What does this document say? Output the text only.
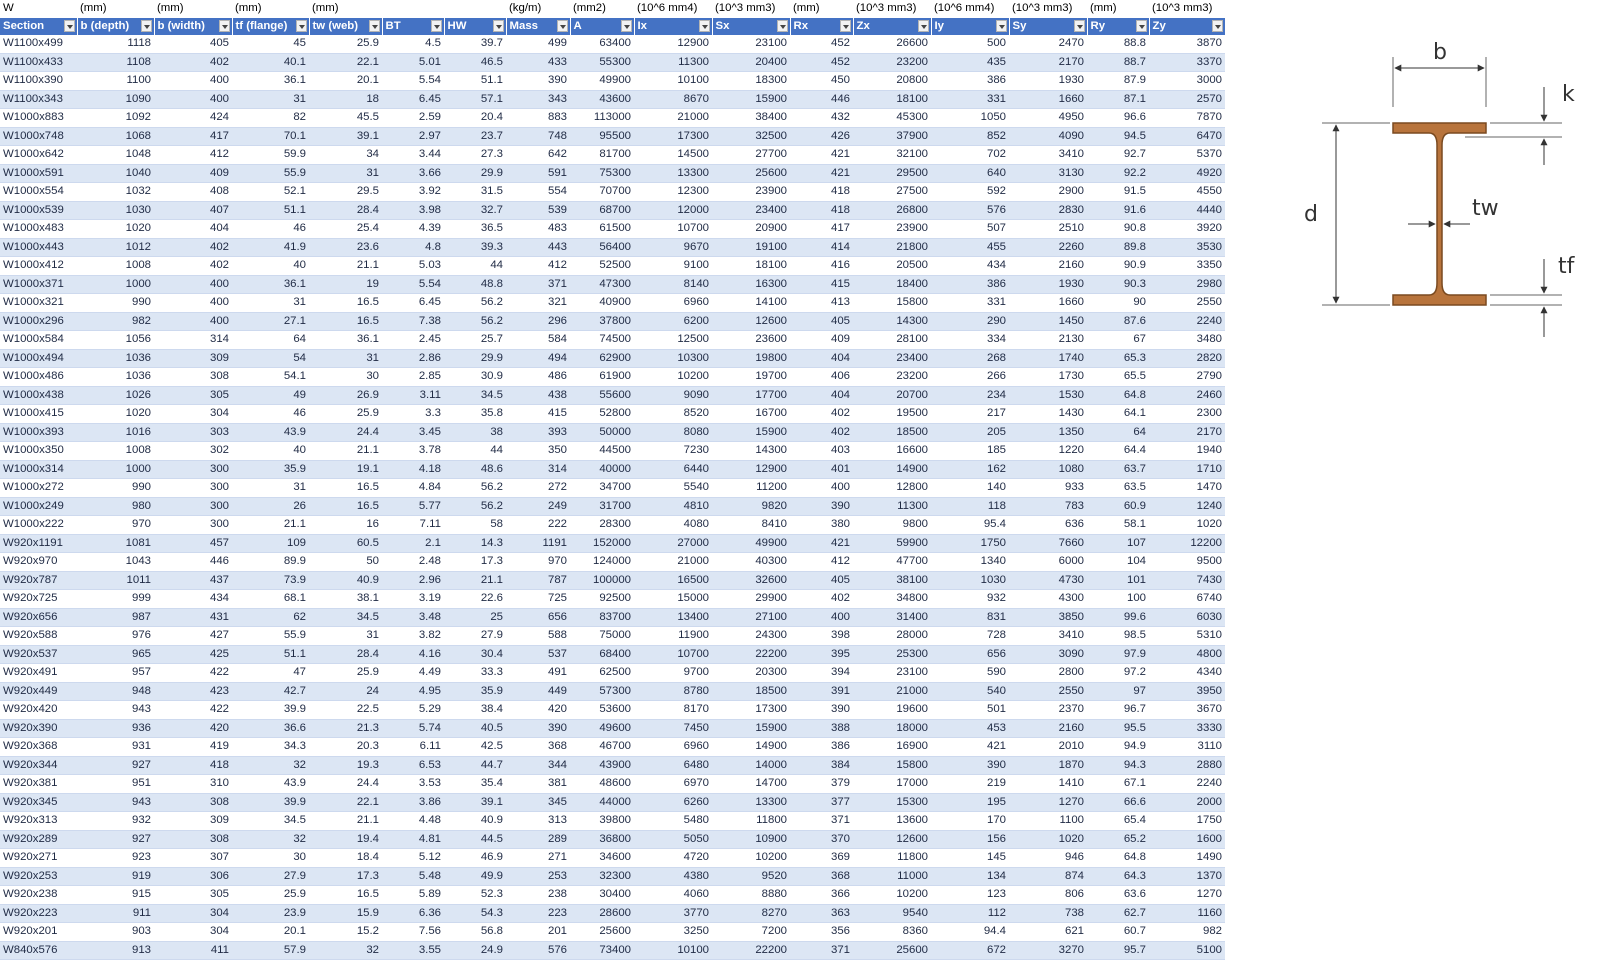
W	(mm)	(mm)	(mm)	(mm)			(kg/m)	(mm2)	(10^6 mm4)	(10^3 mm3)	(mm)	(10^3 mm3)	(10^6 mm4)	(10^3 mm3)	(mm)	(10^3 mm3)
Section	b (depth)	b (width)	tf (flange)	tw (web)	BT	HW	Mass	A	Ix	Sx	Rx	Zx	Iy	Sy	Ry	Zy

W1100x499	1118	405	45	25.9	4.5	39.7	499	63400	12900	23100	452	26600	500	2470	88.8	3870
W1100x433	1108	402	40.1	22.1	5.01	46.5	433	55300	11300	20400	452	23200	435	2170	88.7	3370
W1100x390	1100	400	36.1	20.1	5.54	51.1	390	49900	10100	18300	450	20800	386	1930	87.9	3000
W1100x343	1090	400	31	18	6.45	57.1	343	43600	8670	15900	446	18100	331	1660	87.1	2570
W1000x883	1092	424	82	45.5	2.59	20.4	883	113000	21000	38400	432	45300	1050	4950	96.6	7870
W1000x748	1068	417	70.1	39.1	2.97	23.7	748	95500	17300	32500	426	37900	852	4090	94.5	6470
W1000x642	1048	412	59.9	34	3.44	27.3	642	81700	14500	27700	421	32100	702	3410	92.7	5370
W1000x591	1040	409	55.9	31	3.66	29.9	591	75300	13300	25600	421	29500	640	3130	92.2	4920
W1000x554	1032	408	52.1	29.5	3.92	31.5	554	70700	12300	23900	418	27500	592	2900	91.5	4550
W1000x539	1030	407	51.1	28.4	3.98	32.7	539	68700	12000	23400	418	26800	576	2830	91.6	4440
W1000x483	1020	404	46	25.4	4.39	36.5	483	61500	10700	20900	417	23900	507	2510	90.8	3920
W1000x443	1012	402	41.9	23.6	4.8	39.3	443	56400	9670	19100	414	21800	455	2260	89.8	3530
W1000x412	1008	402	40	21.1	5.03	44	412	52500	9100	18100	416	20500	434	2160	90.9	3350
W1000x371	1000	400	36.1	19	5.54	48.8	371	47300	8140	16300	415	18400	386	1930	90.3	2980
W1000x321	990	400	31	16.5	6.45	56.2	321	40900	6960	14100	413	15800	331	1660	90	2550
W1000x296	982	400	27.1	16.5	7.38	56.2	296	37800	6200	12600	405	14300	290	1450	87.6	2240
W1000x584	1056	314	64	36.1	2.45	25.7	584	74500	12500	23600	409	28100	334	2130	67	3480
W1000x494	1036	309	54	31	2.86	29.9	494	62900	10300	19800	404	23400	268	1740	65.3	2820
W1000x486	1036	308	54.1	30	2.85	30.9	486	61900	10200	19700	406	23200	266	1730	65.5	2790
W1000x438	1026	305	49	26.9	3.11	34.5	438	55600	9090	17700	404	20700	234	1530	64.8	2460
W1000x415	1020	304	46	25.9	3.3	35.8	415	52800	8520	16700	402	19500	217	1430	64.1	2300
W1000x393	1016	303	43.9	24.4	3.45	38	393	50000	8080	15900	402	18500	205	1350	64	2170
W1000x350	1008	302	40	21.1	3.78	44	350	44500	7230	14300	403	16600	185	1220	64.4	1940
W1000x314	1000	300	35.9	19.1	4.18	48.6	314	40000	6440	12900	401	14900	162	1080	63.7	1710
W1000x272	990	300	31	16.5	4.84	56.2	272	34700	5540	11200	400	12800	140	933	63.5	1470
W1000x249	980	300	26	16.5	5.77	56.2	249	31700	4810	9820	390	11300	118	783	60.9	1240
W1000x222	970	300	21.1	16	7.11	58	222	28300	4080	8410	380	9800	95.4	636	58.1	1020
W920x1191	1081	457	109	60.5	2.1	14.3	1191	152000	27000	49900	421	59900	1750	7660	107	12200
W920x970	1043	446	89.9	50	2.48	17.3	970	124000	21000	40300	412	47700	1340	6000	104	9500
W920x787	1011	437	73.9	40.9	2.96	21.1	787	100000	16500	32600	405	38100	1030	4730	101	7430
W920x725	999	434	68.1	38.1	3.19	22.6	725	92500	15000	29900	402	34800	932	4300	100	6740
W920x656	987	431	62	34.5	3.48	25	656	83700	13400	27100	400	31400	831	3850	99.6	6030
W920x588	976	427	55.9	31	3.82	27.9	588	75000	11900	24300	398	28000	728	3410	98.5	5310
W920x537	965	425	51.1	28.4	4.16	30.4	537	68400	10700	22200	395	25300	656	3090	97.9	4800
W920x491	957	422	47	25.9	4.49	33.3	491	62500	9700	20300	394	23100	590	2800	97.2	4340
W920x449	948	423	42.7	24	4.95	35.9	449	57300	8780	18500	391	21000	540	2550	97	3950
W920x420	943	422	39.9	22.5	5.29	38.4	420	53600	8170	17300	390	19600	501	2370	96.7	3670
W920x390	936	420	36.6	21.3	5.74	40.5	390	49600	7450	15900	388	18000	453	2160	95.5	3330
W920x368	931	419	34.3	20.3	6.11	42.5	368	46700	6960	14900	386	16900	421	2010	94.9	3110
W920x344	927	418	32	19.3	6.53	44.7	344	43900	6480	14000	384	15800	390	1870	94.3	2880
W920x381	951	310	43.9	24.4	3.53	35.4	381	48600	6970	14700	379	17000	219	1410	67.1	2240
W920x345	943	308	39.9	22.1	3.86	39.1	345	44000	6260	13300	377	15300	195	1270	66.6	2000
W920x313	932	309	34.5	21.1	4.48	40.9	313	39800	5480	11800	371	13600	170	1100	65.4	1750
W920x289	927	308	32	19.4	4.81	44.5	289	36800	5050	10900	370	12600	156	1020	65.2	1600
W920x271	923	307	30	18.4	5.12	46.9	271	34600	4720	10200	369	11800	145	946	64.8	1490
W920x253	919	306	27.9	17.3	5.48	49.9	253	32300	4380	9520	368	11000	134	874	64.3	1370
W920x238	915	305	25.9	16.5	5.89	52.3	238	30400	4060	8880	366	10200	123	806	63.6	1270
W920x223	911	304	23.9	15.9	6.36	54.3	223	28600	3770	8270	363	9540	112	738	62.7	1160
W920x201	903	304	20.1	15.2	7.56	56.8	201	25600	3250	7200	356	8360	94.4	621	60.7	982
W840x576	913	411	57.9	32	3.55	24.9	576	73400	10100	22200	371	25600	672	3270	95.7	5100
b
k
d	tw
tf
